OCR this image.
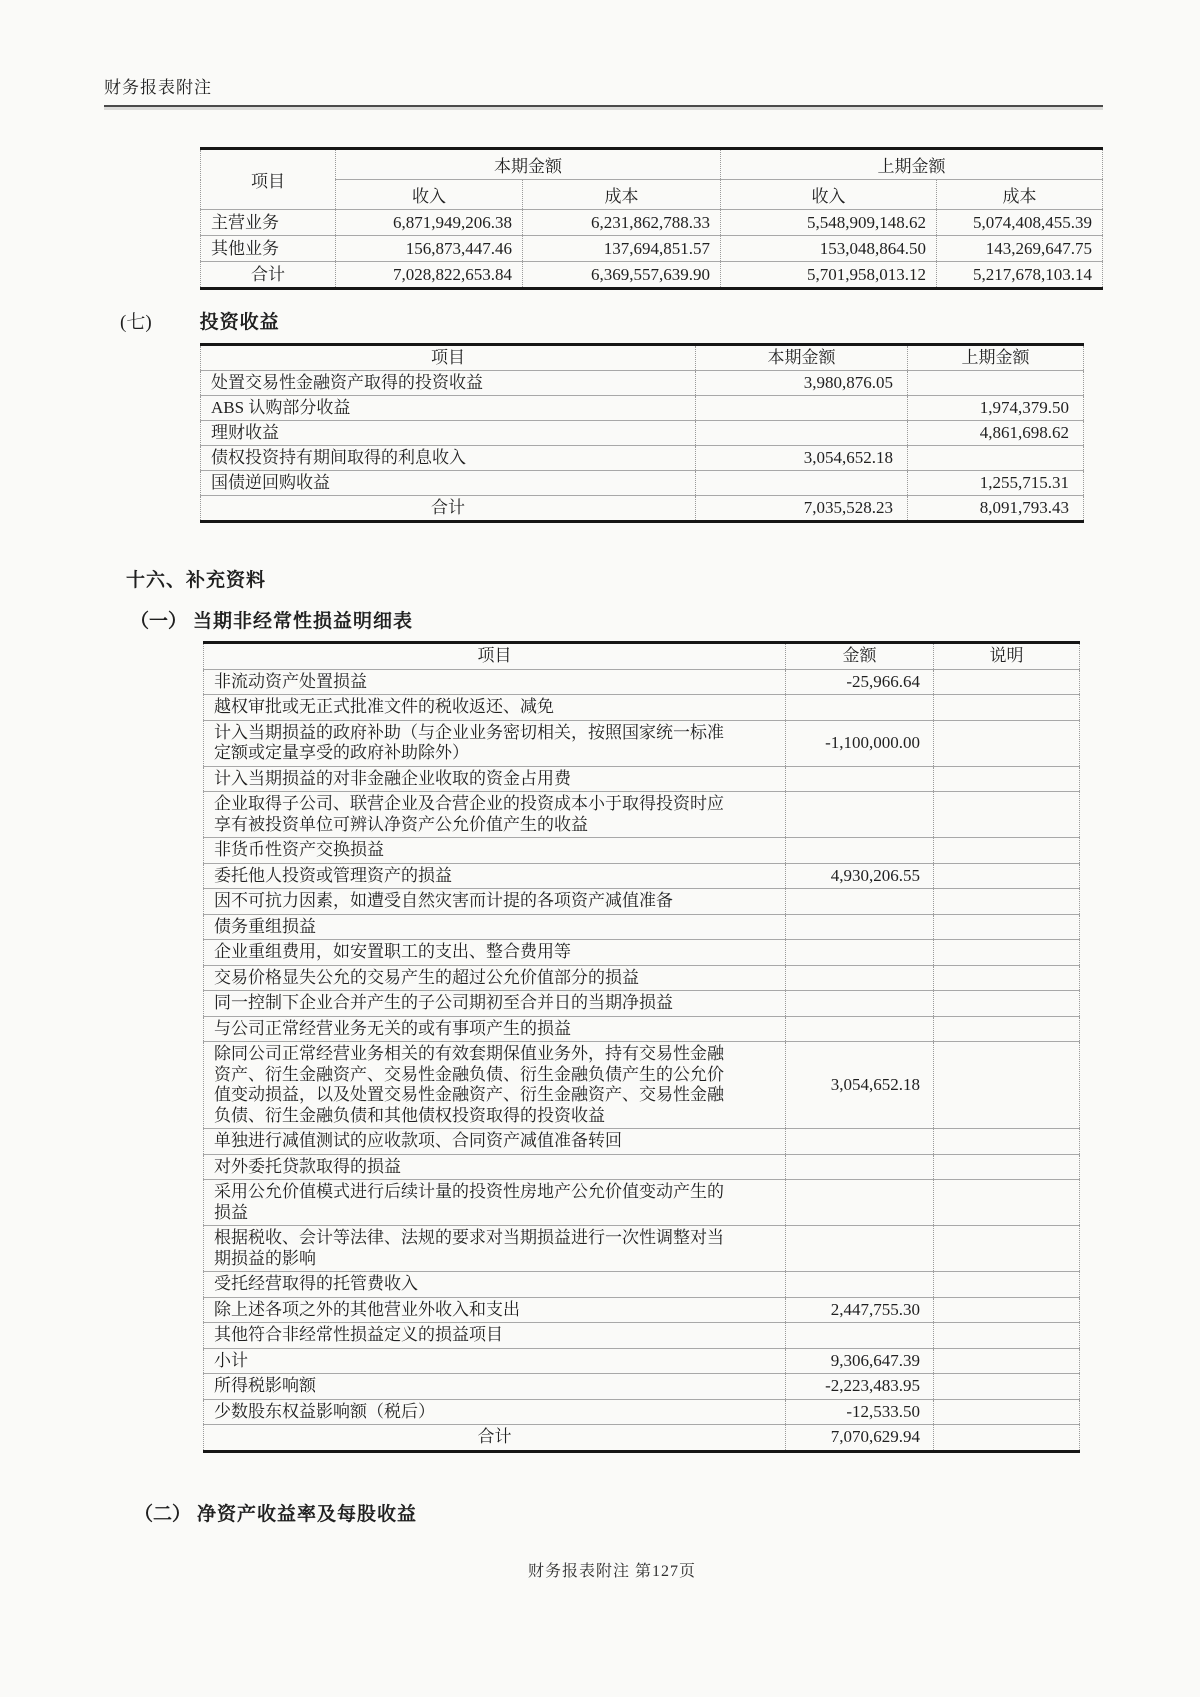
财务报表附注
项目	本期金额		上期金额	
	收入	成本	收入	成本
主营业务	6,871,949,206.38	6,231,862,788.33	5,548,909,148.62	5,074,408,455.39
其他业务	156,873,447.46	137,694,851.57	153,048,864.50	143,269,647.75
合计	7,028,822,653.84	6,369,557,639.90	5,701,958,013.12	5,217,678,103.14
(七)	投资收益
项目	本期金额	上期金额
处置交易性金融资产取得的投资收益	3,980,876.05	
ABS 认购部分收益		1,974,379.50
理财收益		4,861,698.62
债权投资持有期间取得的利息收入	3,054,652.18	
国债逆回购收益		1,255,715.31
合计	7,035,528.23	8,091,793.43
十六、补充资料
（一） 当期非经常性损益明细表
项目	金额	说明
非流动资产处置损益	-25,966.64	
越权审批或无正式批准文件的税收返还、减免		
计入当期损益的政府补助（与企业业务密切相关，按照国家统一标准定额或定量享受的政府补助除外）	-1,100,000.00	
计入当期损益的对非金融企业收取的资金占用费		
企业取得子公司、联营企业及合营企业的投资成本小于取得投资时应享有被投资单位可辨认净资产公允价值产生的收益		
非货币性资产交换损益		
委托他人投资或管理资产的损益	4,930,206.55	
因不可抗力因素，如遭受自然灾害而计提的各项资产减值准备		
债务重组损益		
企业重组费用，如安置职工的支出、整合费用等		
交易价格显失公允的交易产生的超过公允价值部分的损益		
同一控制下企业合并产生的子公司期初至合并日的当期净损益		
与公司正常经营业务无关的或有事项产生的损益		
除同公司正常经营业务相关的有效套期保值业务外，持有交易性金融资产、衍生金融资产、交易性金融负债、衍生金融负债产生的公允价值变动损益，以及处置交易性金融资产、衍生金融资产、交易性金融负债、衍生金融负债和其他债权投资取得的投资收益	3,054,652.18	
单独进行减值测试的应收款项、合同资产减值准备转回		
对外委托贷款取得的损益		
采用公允价值模式进行后续计量的投资性房地产公允价值变动产生的损益		
根据税收、会计等法律、法规的要求对当期损益进行一次性调整对当期损益的影响		
受托经营取得的托管费收入		
除上述各项之外的其他营业外收入和支出	2,447,755.30	
其他符合非经常性损益定义的损益项目		
小计	9,306,647.39	
所得税影响额	-2,223,483.95	
少数股东权益影响额（税后）	-12,533.50	
合计	7,070,629.94	
（二） 净资产收益率及每股收益
财务报表附注 第127页
